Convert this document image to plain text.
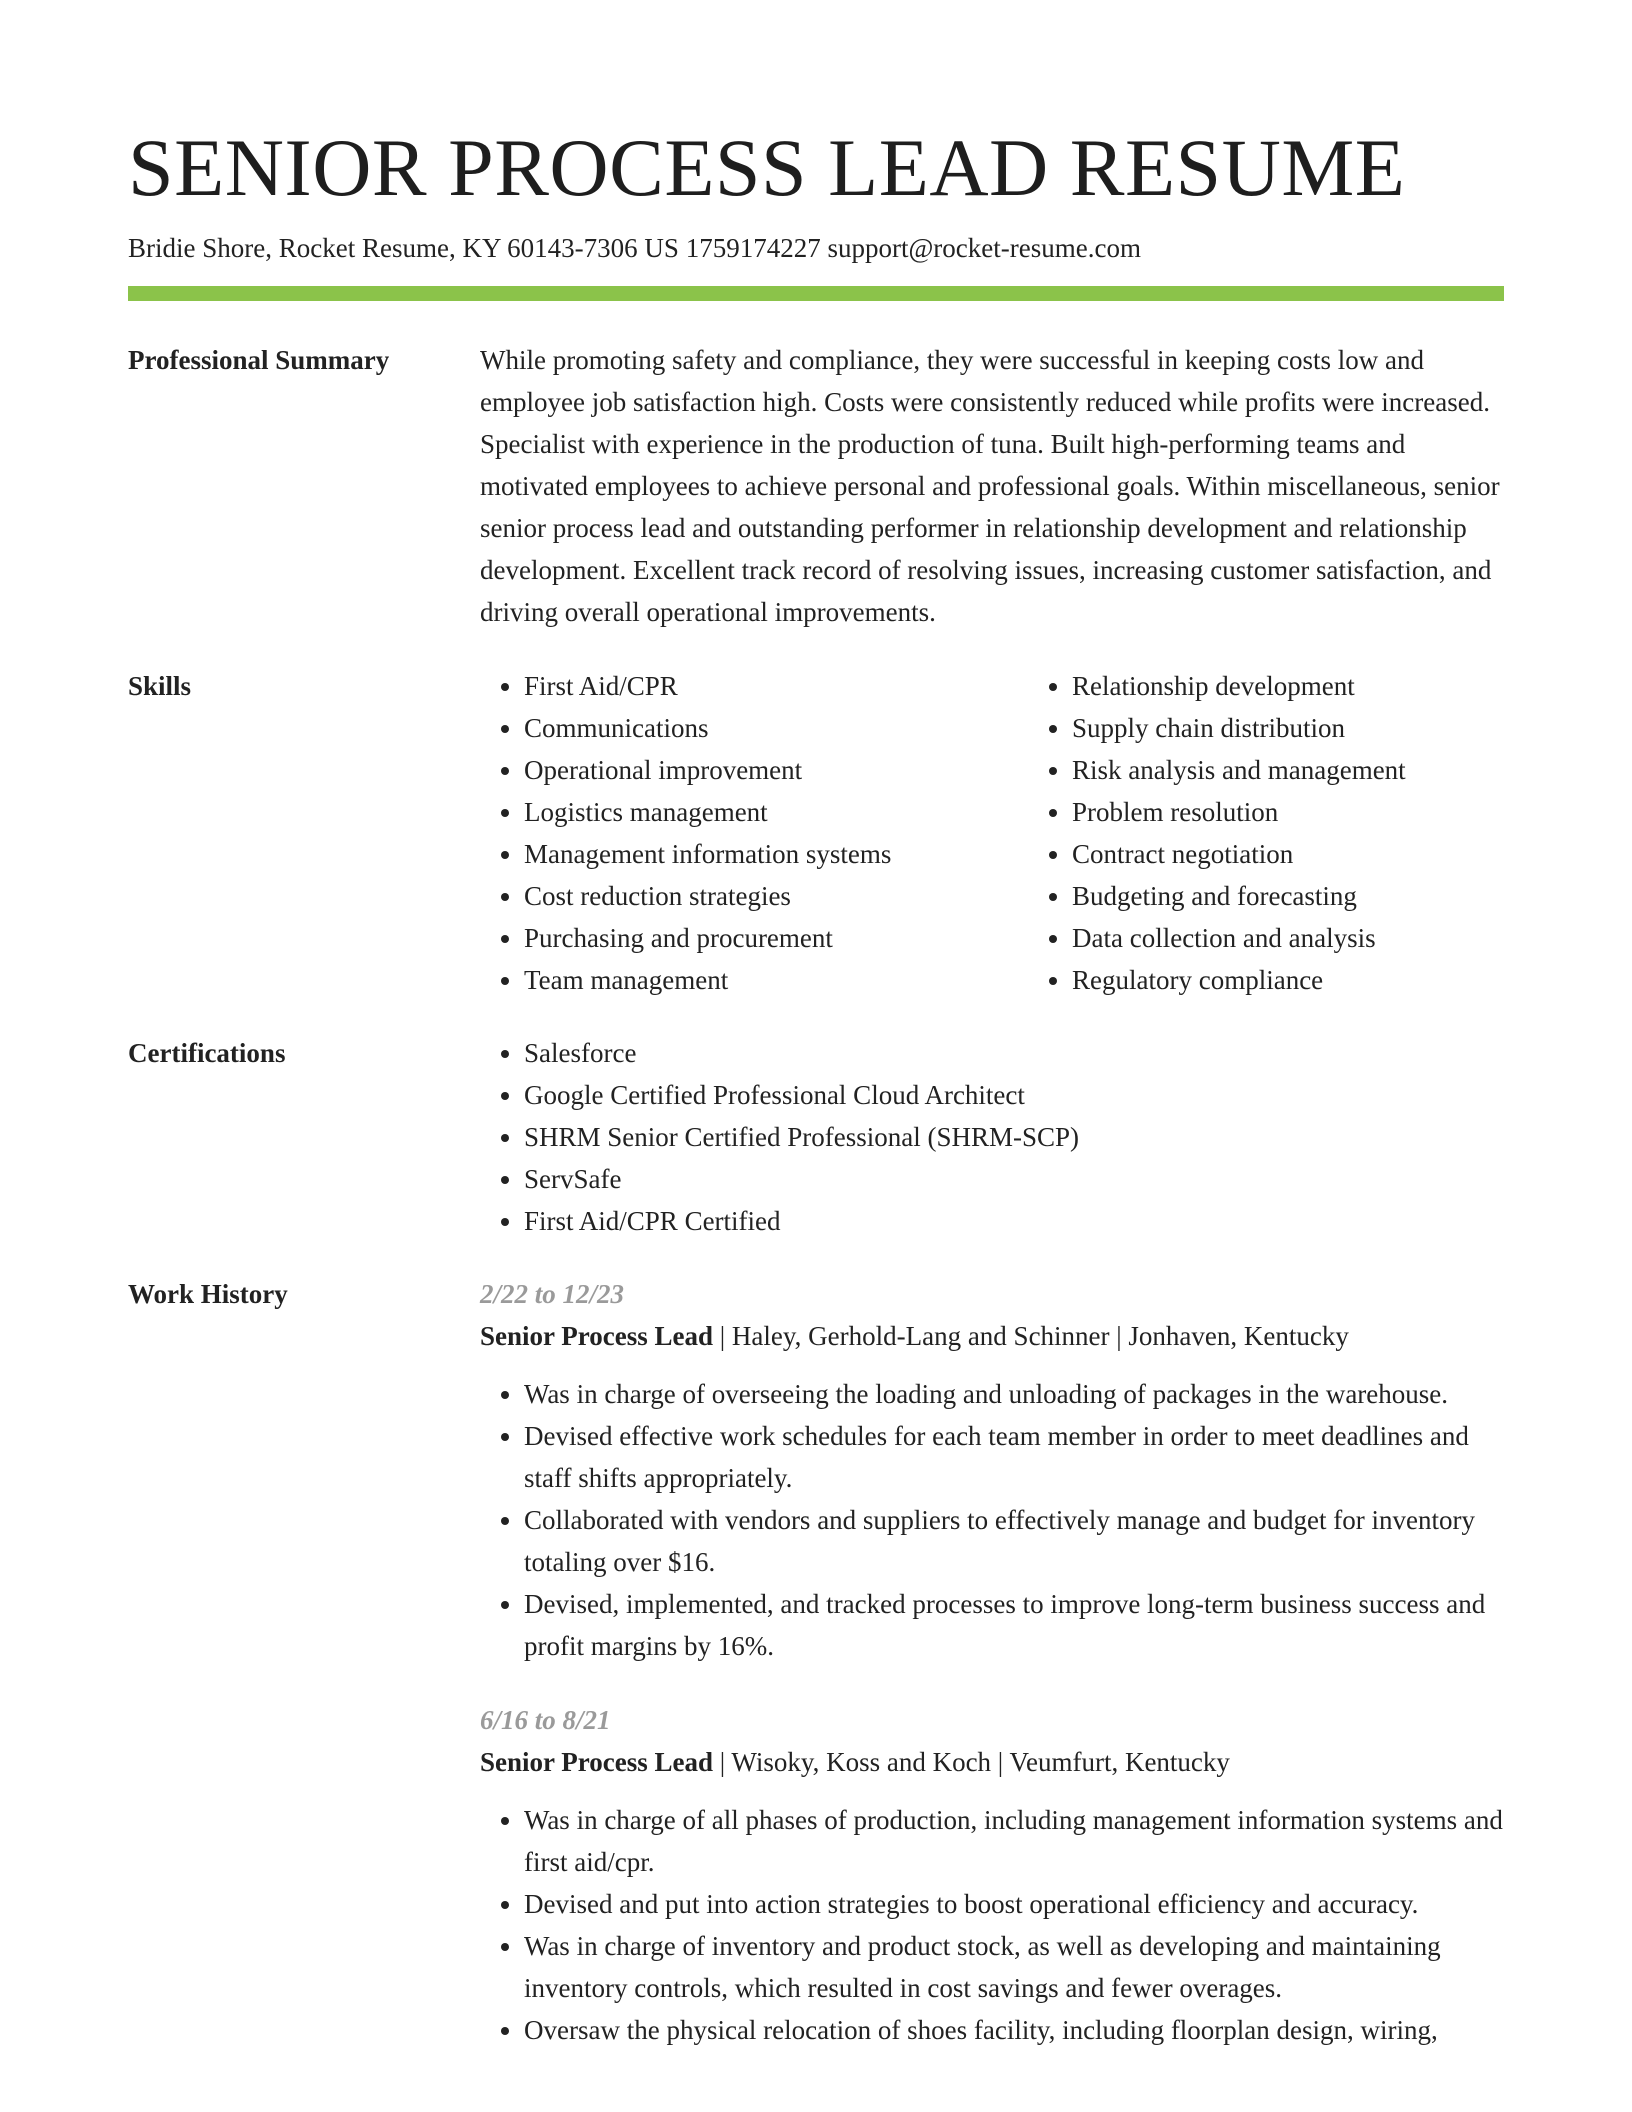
SENIOR PROCESS LEAD RESUME
Bridie Shore, Rocket Resume, KY 60143-7306 US 1759174227 support@rocket-resume.com
Professional Summary	While promoting safety and compliance, they were successful in keeping costs low and employee job satisfaction high. Costs were consistently reduced while profits were increased. Specialist with experience in the production of tuna. Built high-performing teams and motivated employees to achieve personal and professional goals. Within miscellaneous, senior senior process lead and outstanding performer in relationship development and relationship development. Excellent track record of resolving issues, increasing customer satisfaction, and driving overall operational improvements.

Skills	• First Aid/CPR
• Communications
• Operational improvement
• Logistics management
• Management information systems
• Cost reduction strategies
• Purchasing and procurement
• Team management
• Relationship development
• Supply chain distribution
• Risk analysis and management
• Problem resolution
• Contract negotiation
• Budgeting and forecasting
• Data collection and analysis
• Regulatory compliance
Certifications	• Salesforce
• Google Certified Professional Cloud Architect
• SHRM Senior Certified Professional (SHRM-SCP)
• ServSafe
• First Aid/CPR Certified
Work History	2/22 to 12/23
Senior Process Lead | Haley, Gerhold-Lang and Schinner | Jonhaven, Kentucky
• Was in charge of overseeing the loading and unloading of packages in the warehouse.
• Devised effective work schedules for each team member in order to meet deadlines and staff shifts appropriately.
• Collaborated with vendors and suppliers to effectively manage and budget for inventory totaling over $16.
• Devised, implemented, and tracked processes to improve long-term business success and profit margins by 16%.
6/16 to 8/21
Senior Process Lead | Wisoky, Koss and Koch | Veumfurt, Kentucky
• Was in charge of all phases of production, including management information systems and first aid/cpr.
• Devised and put into action strategies to boost operational efficiency and accuracy.
• Was in charge of inventory and product stock, as well as developing and maintaining inventory controls, which resulted in cost savings and fewer overages.
• Oversaw the physical relocation of shoes facility, including floorplan design, wiring,
